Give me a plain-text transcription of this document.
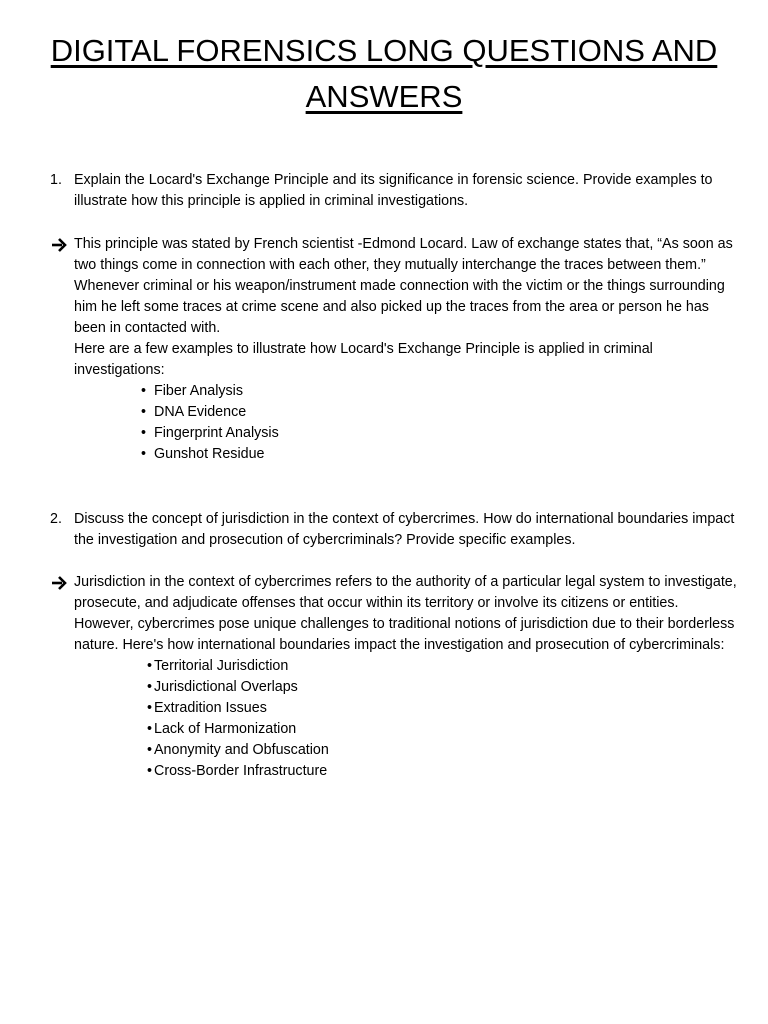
DIGITAL FORENSICS LONG QUESTIONS AND
ANSWERS
1. Explain the Locard's Exchange Principle and its significance in forensic science. Provide examples to illustrate how this principle is applied in criminal investigations.

This principle was stated by French scientist -Edmond Locard. Law of exchange states that, “As soon as two things come in connection with each other, they mutually interchange the traces between them.” Whenever criminal or his weapon/instrument made connection with the victim or the things surrounding him he left some traces at crime scene and also picked up the traces from the area or person he has been in contacted with.

Here are a few examples to illustrate how Locard's Exchange Principle is applied in criminal investigations:

• Fiber Analysis
• DNA Evidence
• Fingerprint Analysis
• Gunshot Residue
2. Discuss the concept of jurisdiction in the context of cybercrimes. How do international boundaries impact the investigation and prosecution of cybercriminals? Provide specific examples.

Jurisdiction in the context of cybercrimes refers to the authority of a particular legal system to investigate, prosecute, and adjudicate offenses that occur within its territory or involve its citizens or entities. However, cybercrimes pose unique challenges to traditional notions of jurisdiction due to their borderless nature. Here's how international boundaries impact the investigation and prosecution of cybercriminals:

• Territorial Jurisdiction
• Jurisdictional Overlaps
• Extradition Issues
• Lack of Harmonization
• Anonymity and Obfuscation
• Cross-Border Infrastructure
